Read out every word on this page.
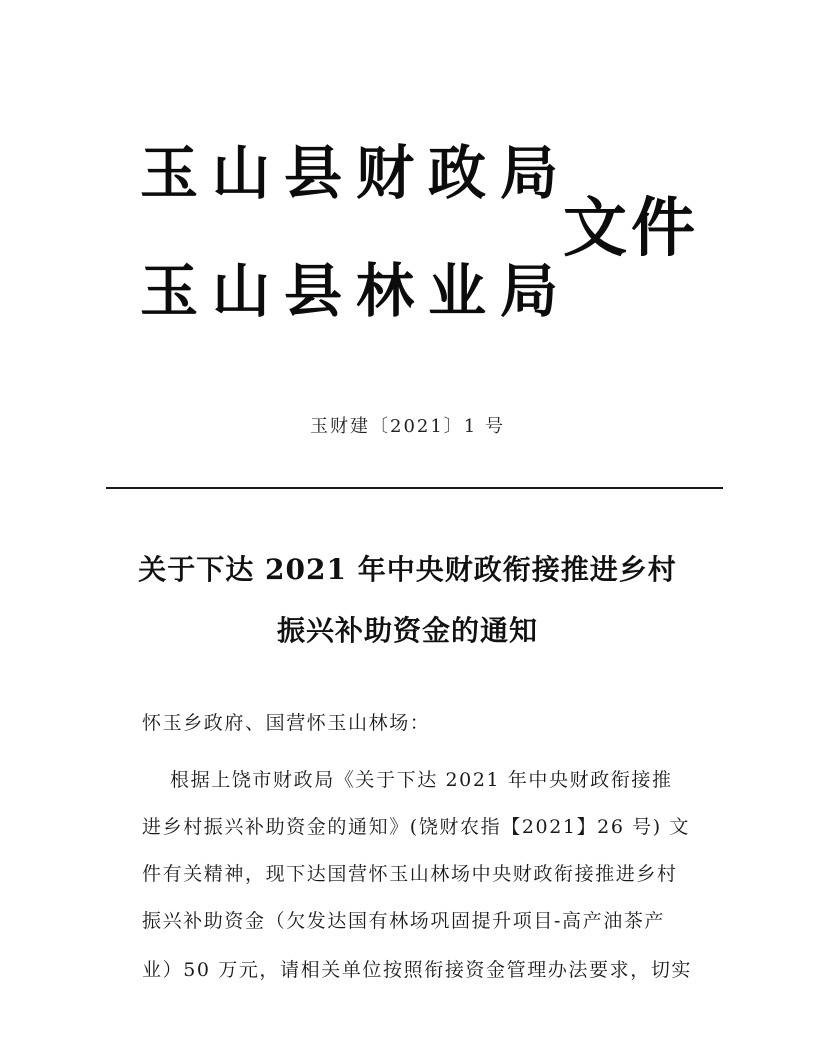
玉山县财政局
玉山县林业局
文件
玉财建〔2021〕1 号
关于下达 2021 年中央财政衔接推进乡村
振兴补助资金的通知
怀玉乡政府、国营怀玉山林场：
根据上饶市财政局《关于下达 2021 年中央财政衔接推
进乡村振兴补助资金的通知》(饶财农指【2021】26 号) 文
件有关精神，现下达国营怀玉山林场中央财政衔接推进乡村
振兴补助资金（欠发达国有林场巩固提升项目-高产油茶产
业）50 万元，请相关单位按照衔接资金管理办法要求，切实
